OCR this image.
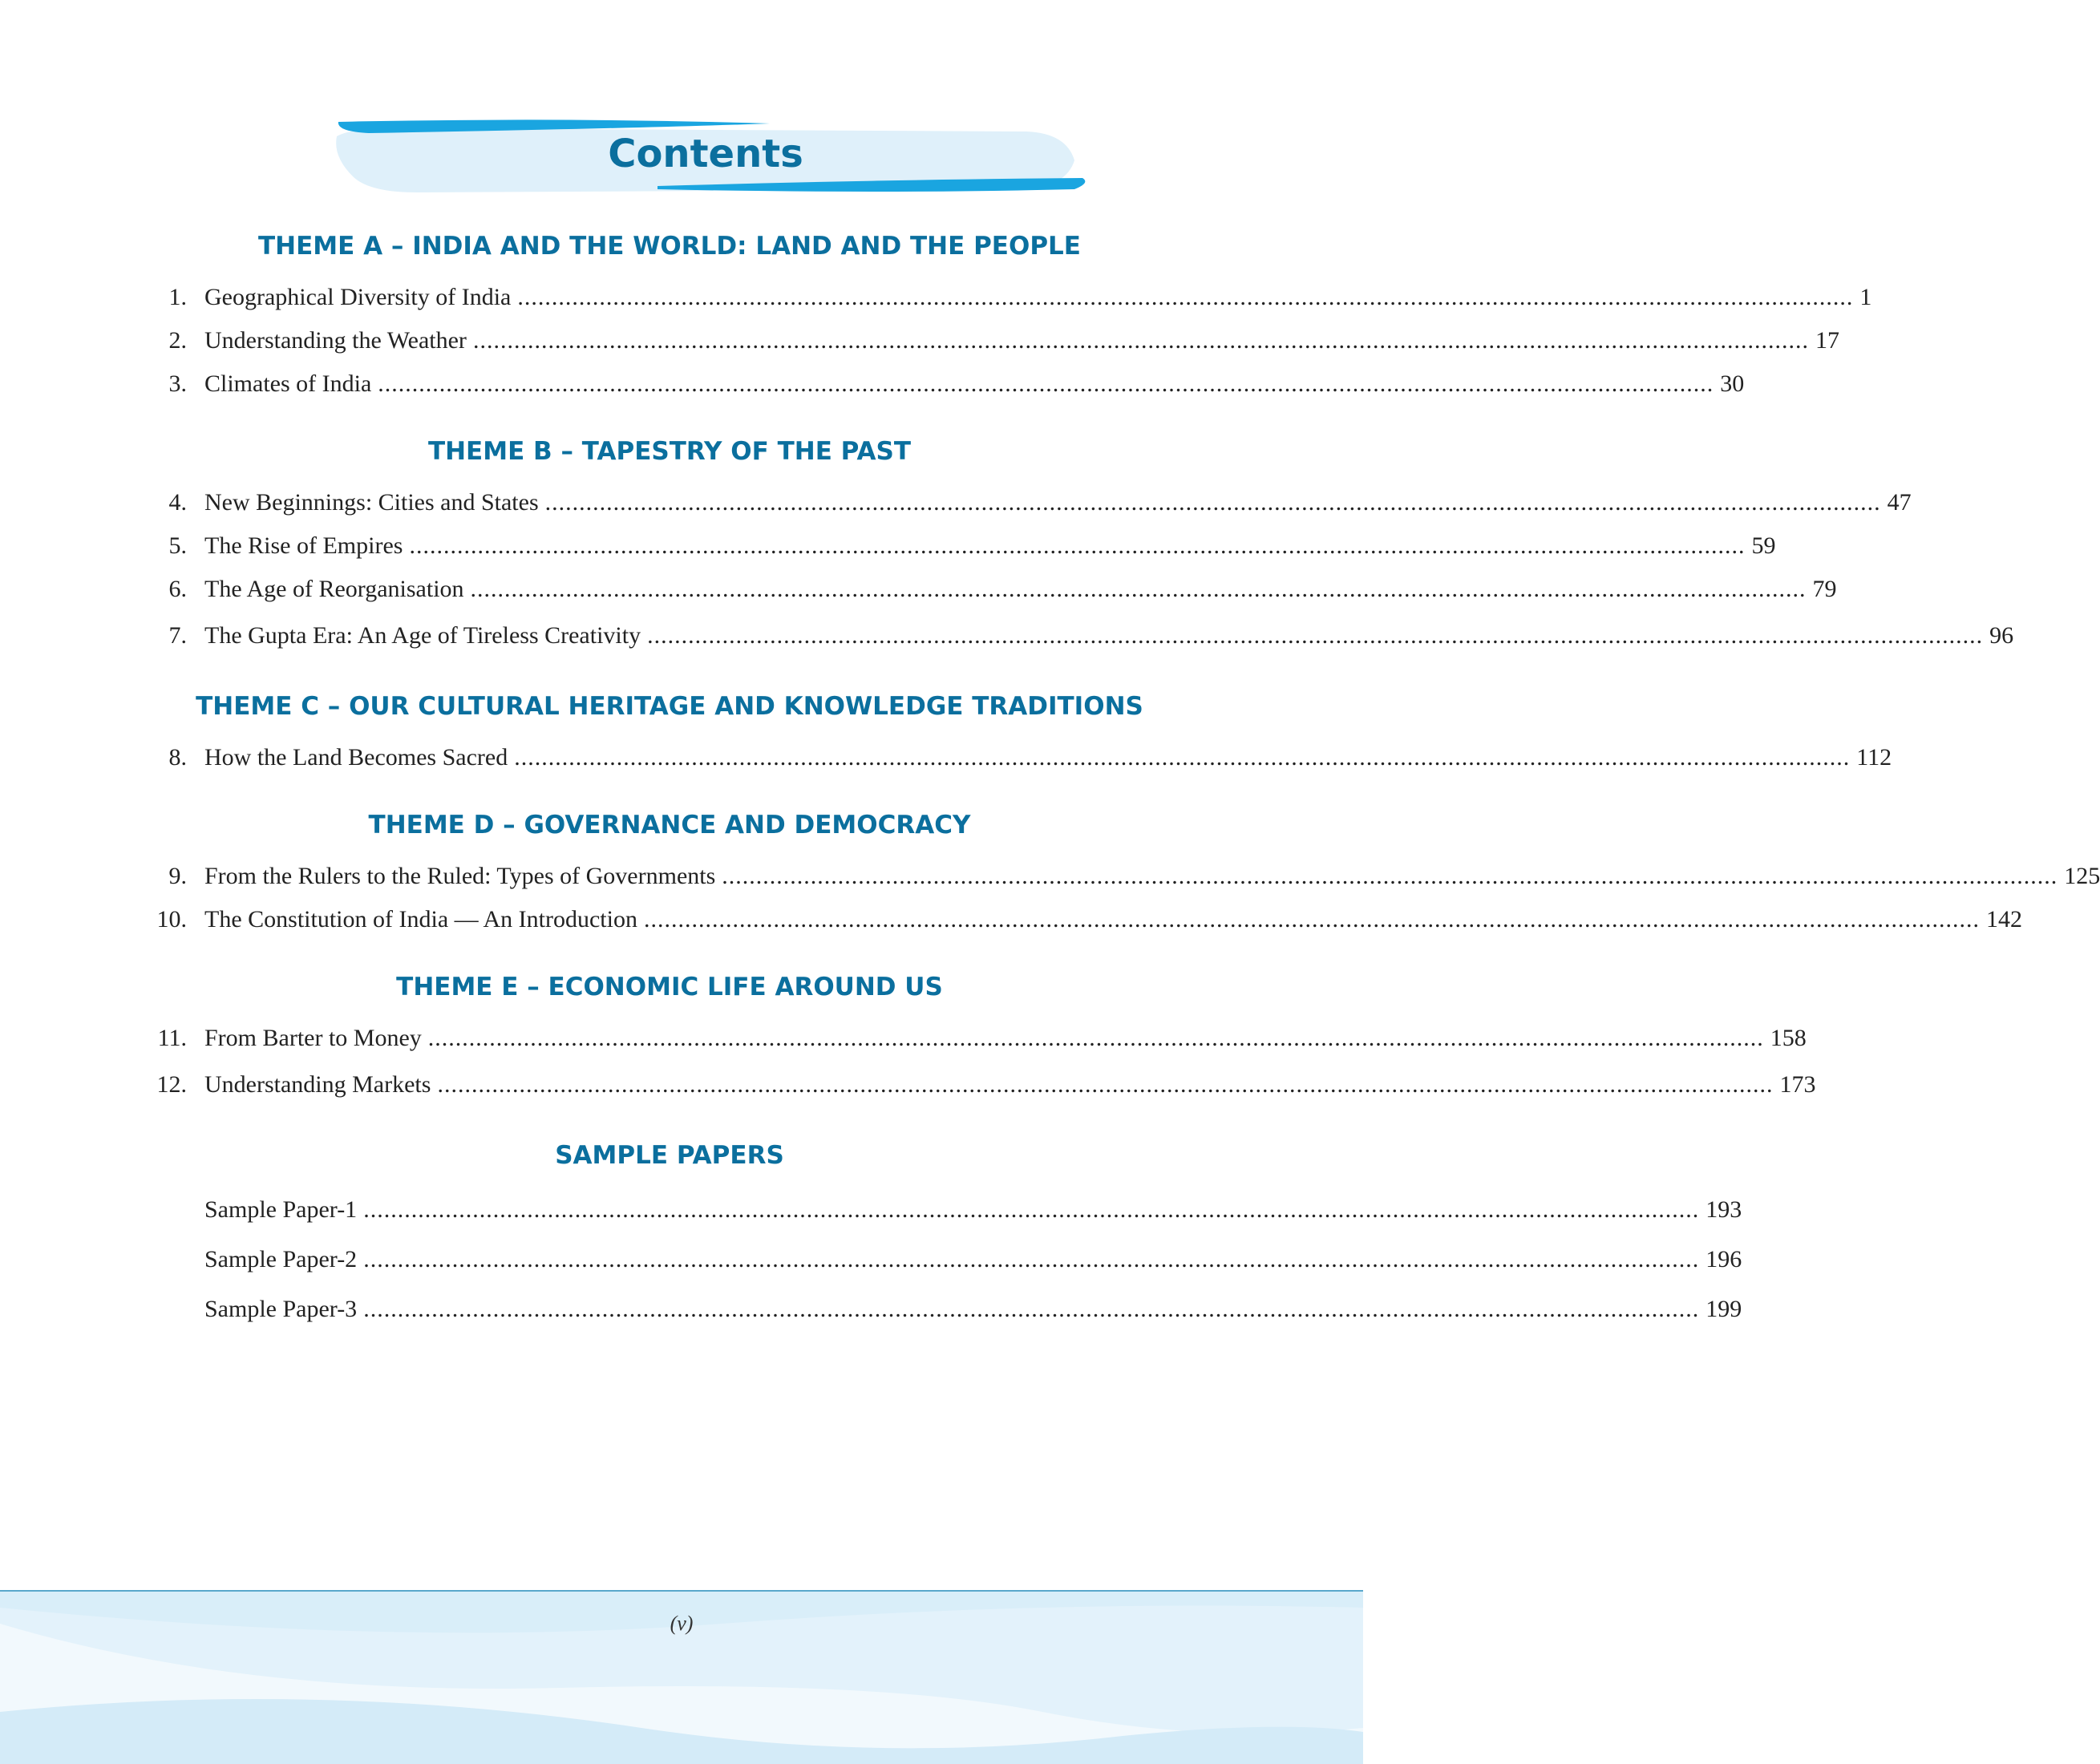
Contents
THEME A – INDIA AND THE WORLD: LAND AND THE PEOPLE
1. Geographical Diversity of India .................................................................................................................................................................................................... 1
2. Understanding the Weather .................................................................................................................................................................................................... 17
3. Climates of India .................................................................................................................................................................................................... 30
THEME B – TAPESTRY OF THE PAST
4. New Beginnings: Cities and States .................................................................................................................................................................................................... 47
5. The Rise of Empires .................................................................................................................................................................................................... 59
6. The Age of Reorganisation .................................................................................................................................................................................................... 79
7. The Gupta Era: An Age of Tireless Creativity .................................................................................................................................................................................................... 96
THEME C – OUR CULTURAL HERITAGE AND KNOWLEDGE TRADITIONS
8. How the Land Becomes Sacred .................................................................................................................................................................................................... 112
THEME D – GOVERNANCE AND DEMOCRACY
9. From the Rulers to the Ruled: Types of Governments .................................................................................................................................................................................................... 125
10. The Constitution of India — An Introduction .................................................................................................................................................................................................... 142
THEME E – ECONOMIC LIFE AROUND US
11. From Barter to Money .................................................................................................................................................................................................... 158
12. Understanding Markets .................................................................................................................................................................................................... 173
SAMPLE PAPERS
Sample Paper-1 .................................................................................................................................................................................................... 193
Sample Paper-2 .................................................................................................................................................................................................... 196
Sample Paper-3 .................................................................................................................................................................................................... 199
(v)
